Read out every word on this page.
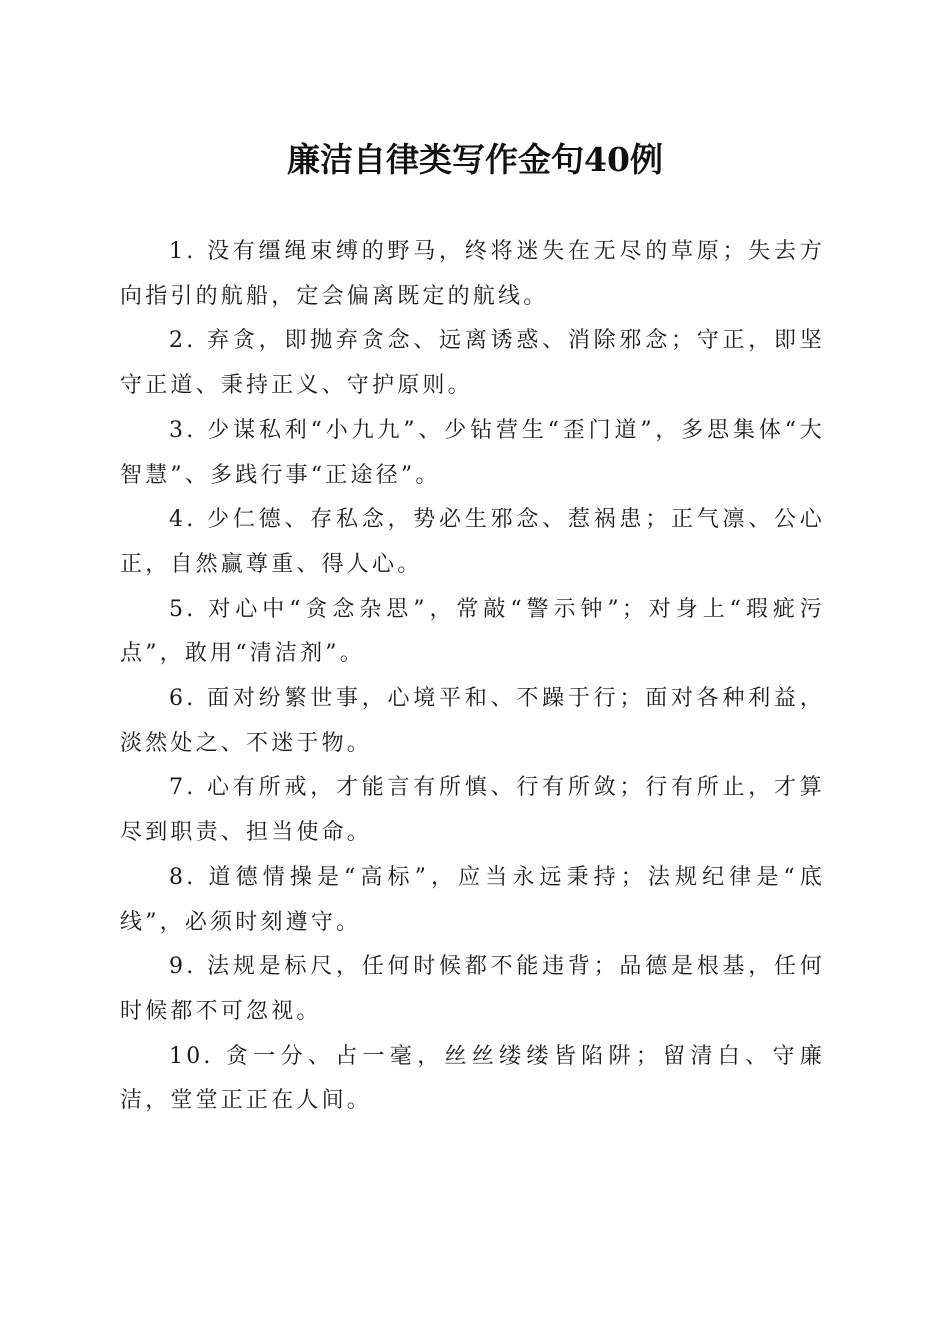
廉洁自律类写作金句40例

1. 没有缰绳束缚的野马，终将迷失在无尽的草原；失去方向指引的航船，定会偏离既定的航线。

2. 弃贪，即抛弃贪念、远离诱惑、消除邪念；守正，即坚守正道、秉持正义、守护原则。

3. 少谋私利“小九九”、少钻营生“歪门道”，多思集体“大智慧”、多践行事“正途径”。

4. 少仁德、存私念，势必生邪念、惹祸患；正气凛、公心正，自然赢尊重、得人心。

5. 对心中“贪念杂思”，常敲“警示钟”；对身上“瑕疵污点”，敢用“清洁剂”。

6. 面对纷繁世事，心境平和、不躁于行；面对各种利益，淡然处之、不迷于物。

7. 心有所戒，才能言有所慎、行有所敛；行有所止，才算尽到职责、担当使命。

8. 道德情操是“高标”，应当永远秉持；法规纪律是“底线”，必须时刻遵守。

9. 法规是标尺，任何时候都不能违背；品德是根基，任何时候都不可忽视。

10. 贪一分、占一毫，丝丝缕缕皆陷阱；留清白、守廉洁，堂堂正正在人间。
